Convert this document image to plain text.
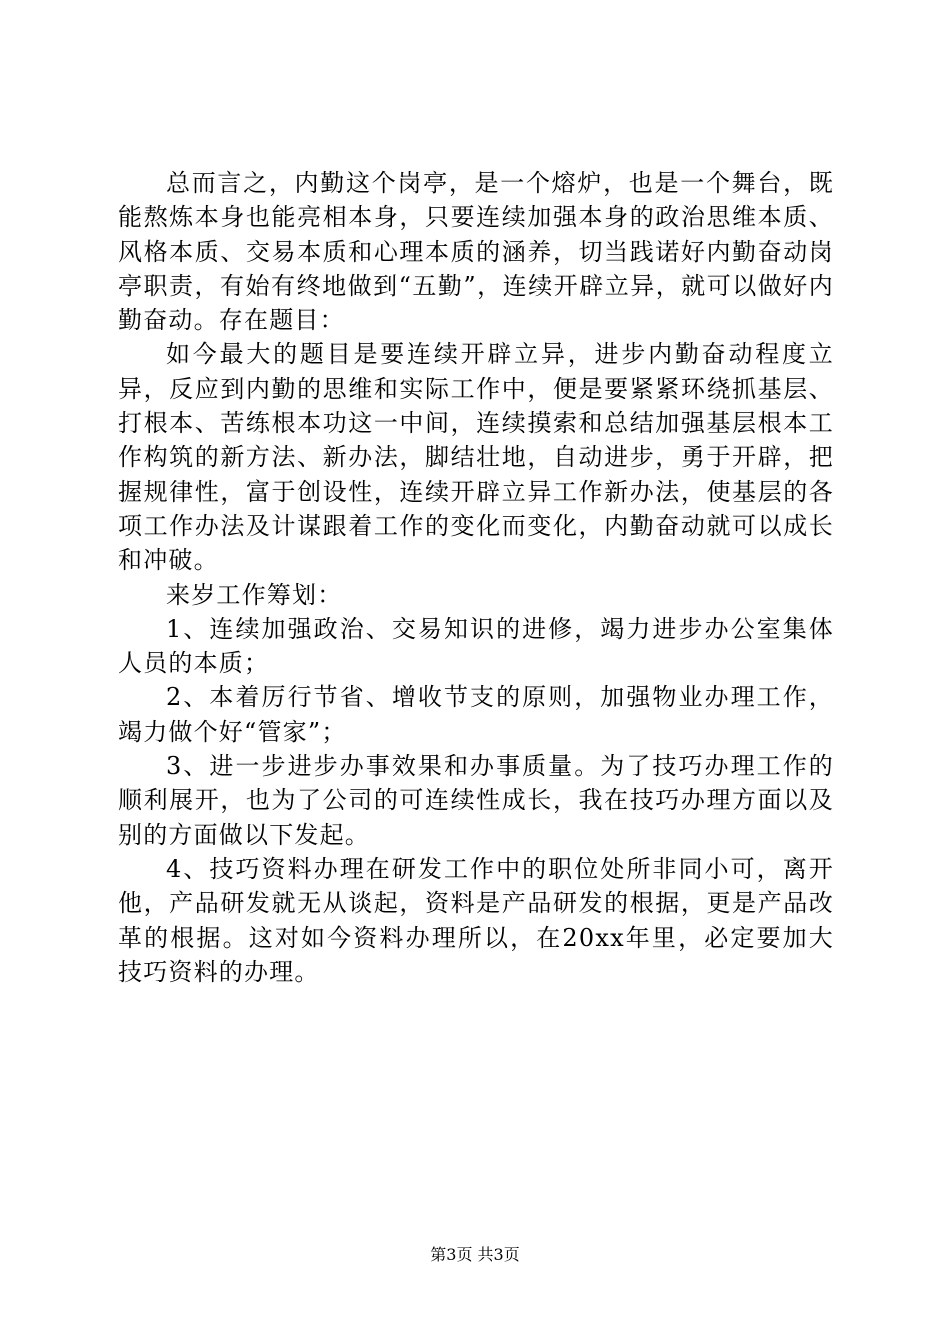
总而言之，内勤这个岗亭，是一个熔炉，也是一个舞台，既能熬炼本身也能亮相本身，只要连续加强本身的政治思维本质、风格本质、交易本质和心理本质的涵养，切当践诺好内勤奋动岗亭职责，有始有终地做到“五勤”，连续开辟立异，就可以做好内勤奋动。存在题目：

如今最大的题目是要连续开辟立异，进步内勤奋动程度立异，反应到内勤的思维和实际工作中，便是要紧紧环绕抓基层、打根本、苦练根本功这一中间，连续摸索和总结加强基层根本工作构筑的新方法、新办法，脚结壮地，自动进步，勇于开辟，把握规律性，富于创设性，连续开辟立异工作新办法，使基层的各项工作办法及计谋跟着工作的变化而变化，内勤奋动就可以成长和冲破。

来岁工作筹划：

1、连续加强政治、交易知识的进修，竭力进步办公室集体人员的本质；

2、本着厉行节省、增收节支的原则，加强物业办理工作，竭力做个好“管家”；

3、进一步进步办事效果和办事质量。为了技巧办理工作的顺利展开，也为了公司的可连续性成长，我在技巧办理方面以及别的方面做以下发起。

4、技巧资料办理在研发工作中的职位处所非同小可，离开他，产品研发就无从谈起，资料是产品研发的根据，更是产品改革的根据。这对如今资料办理所以，在20xx年里，必定要加大技巧资料的办理。

第3页 共3页
